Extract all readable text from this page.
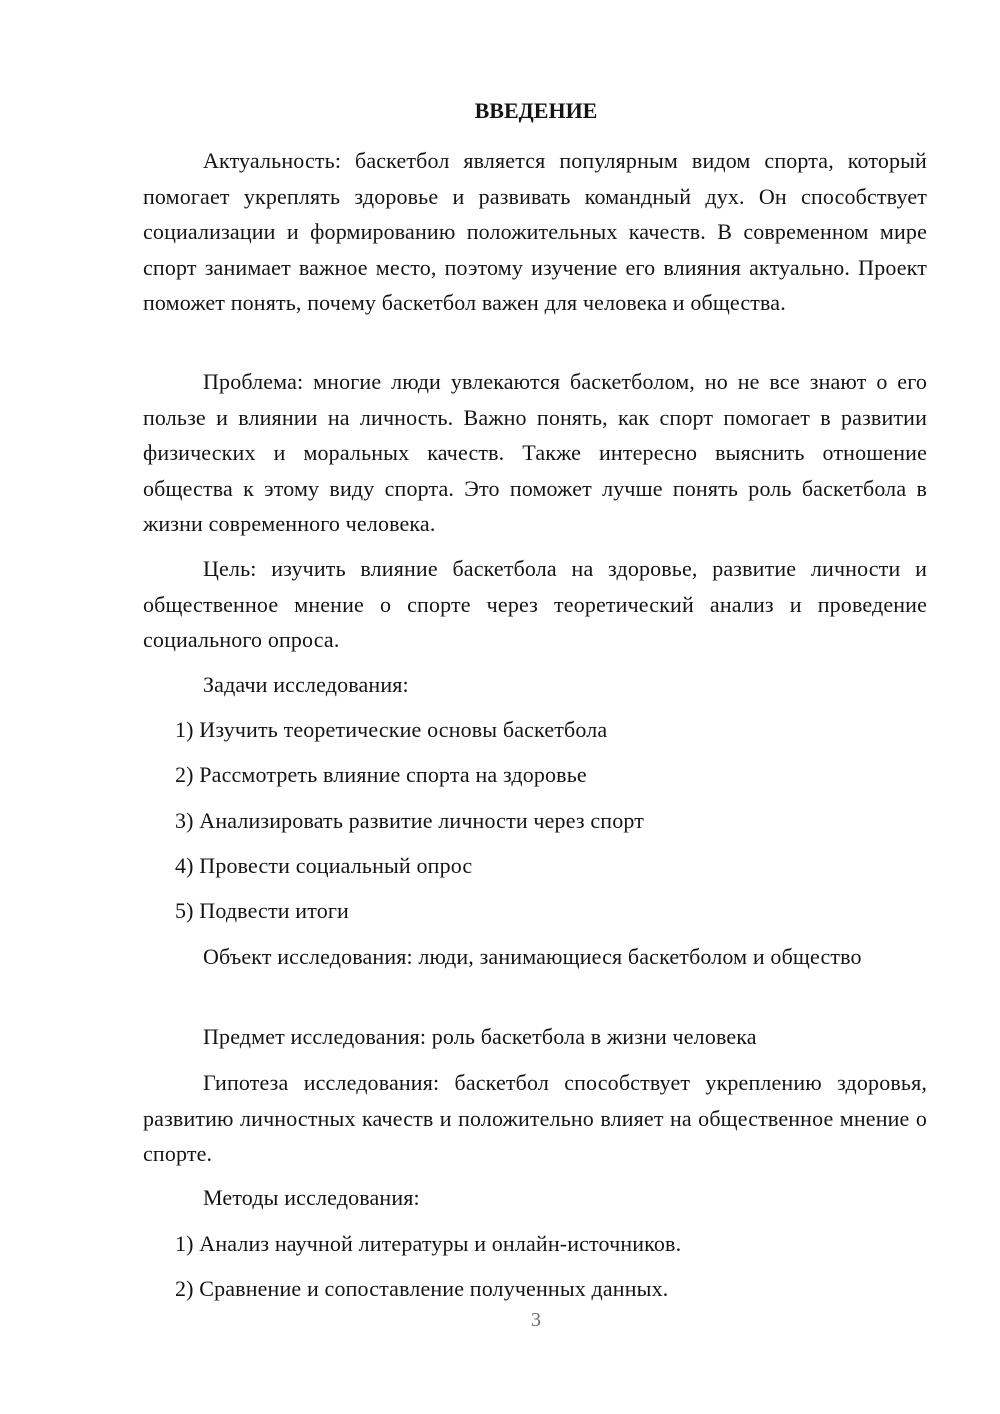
ВВЕДЕНИЕ

Актуальность: баскетбол является популярным видом спорта, который помогает укреплять здоровье и развивать командный дух. Он способствует социализации и формированию положительных качеств. В современном мире спорт занимает важное место, поэтому изучение его влияния актуально. Проект поможет понять, почему баскетбол важен для человека и общества.

Проблема: многие люди увлекаются баскетболом, но не все знают о его пользе и влиянии на личность. Важно понять, как спорт помогает в развитии физических и моральных качеств. Также интересно выяснить отношение общества к этому виду спорта. Это поможет лучше понять роль баскетбола в жизни современного человека.

Цель: изучить влияние баскетбола на здоровье, развитие личности и общественное мнение о спорте через теоретический анализ и проведение социального опроса.

Задачи исследования:

1) Изучить теоретические основы баскетбола

2) Рассмотреть влияние спорта на здоровье

3) Анализировать развитие личности через спорт

4) Провести социальный опрос

5) Подвести итоги

Объект исследования: люди, занимающиеся баскетболом и общество

Предмет исследования: роль баскетбола в жизни человека

Гипотеза исследования: баскетбол способствует укреплению здоровья, развитию личностных качеств и положительно влияет на общественное мнение о спорте.

Методы исследования:

1) Анализ научной литературы и онлайн-источников.

2) Сравнение и сопоставление полученных данных.

3
